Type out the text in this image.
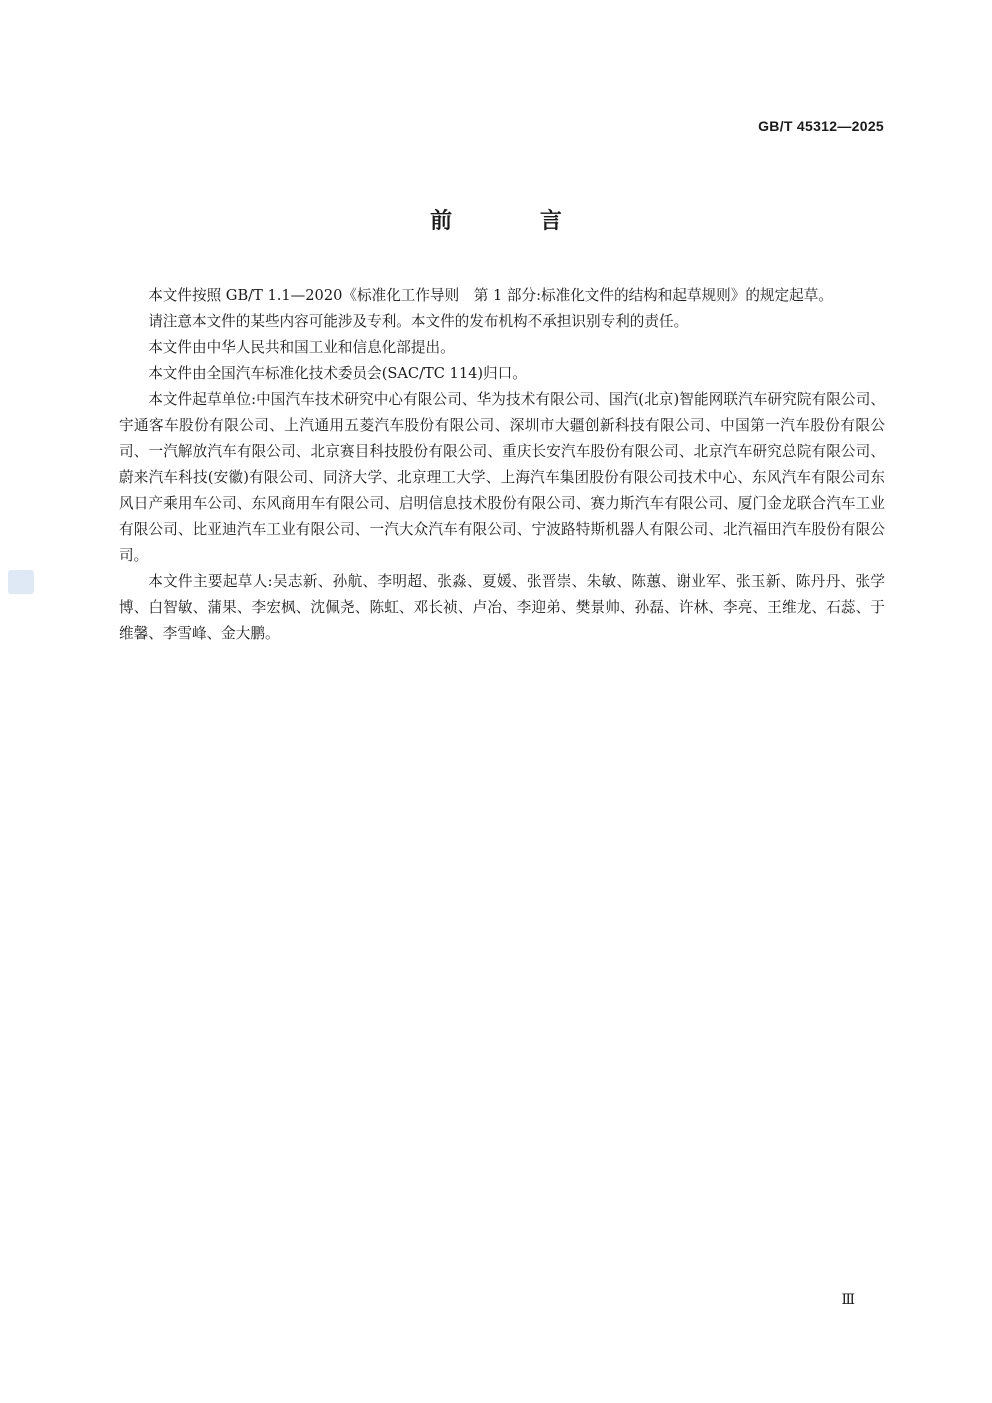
GB/T 45312—2025
前 言

本文件按照 GB/T 1.1—2020《标准化工作导则　第 1 部分:标准化文件的结构和起草规则》的规定起草。

请注意本文件的某些内容可能涉及专利。本文件的发布机构不承担识别专利的责任。

本文件由中华人民共和国工业和信息化部提出。

本文件由全国汽车标准化技术委员会(SAC/TC 114)归口。

本文件起草单位:中国汽车技术研究中心有限公司、华为技术有限公司、国汽(北京)智能网联汽车研究院有限公司、宇通客车股份有限公司、上汽通用五菱汽车股份有限公司、深圳市大疆创新科技有限公司、中国第一汽车股份有限公司、一汽解放汽车有限公司、北京赛目科技股份有限公司、重庆长安汽车股份有限公司、北京汽车研究总院有限公司、蔚来汽车科技(安徽)有限公司、同济大学、北京理工大学、上海汽车集团股份有限公司技术中心、东风汽车有限公司东风日产乘用车公司、东风商用车有限公司、启明信息技术股份有限公司、赛力斯汽车有限公司、厦门金龙联合汽车工业有限公司、比亚迪汽车工业有限公司、一汽大众汽车有限公司、宁波路特斯机器人有限公司、北汽福田汽车股份有限公司。

本文件主要起草人:吴志新、孙航、李明超、张淼、夏媛、张晋崇、朱敏、陈蕙、谢业军、张玉新、陈丹丹、张学博、白智敏、蒲果、李宏枫、沈佩尧、陈虹、邓长祯、卢冶、李迎弟、樊景帅、孙磊、许林、李亮、王维龙、石蕊、于维馨、李雪峰、金大鹏。

Ⅲ
